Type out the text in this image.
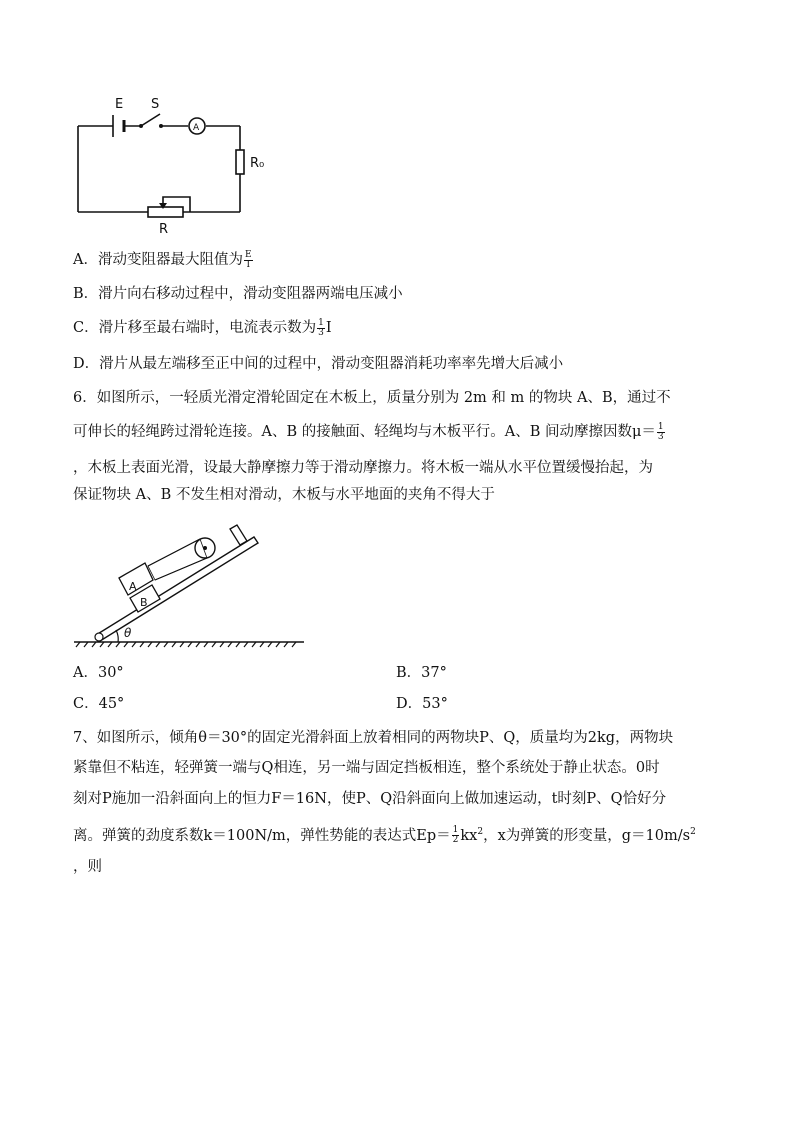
E S
A
R₀
R
A．滑动变阻器最大阻值为 $\frac{E}{I}$
B．滑片向右移动过程中，滑动变阻器两端电压减小
C．滑片移至最右端时，电流表示数为 $\frac{1}{3}$ I
D．滑片从最左端移至正中间的过程中，滑动变阻器消耗功率率先增大后减小
6．如图所示，一轻质光滑定滑轮固定在木板上，质量分别为 2m 和 m 的物块 A、B，通过不
可伸长的轻绳跨过滑轮连接。A、B 的接触面、轻绳均与木板平行。A、B 间动摩擦因数$\mu= \frac{1}{3}$
，木板上表面光滑，设最大静摩擦力等于滑动摩擦力。将木板一端从水平位置缓慢抬起，为
保证物块 A、B 不发生相对滑动，木板与水平地面的夹角不得大于
A
B
θ
A．30°	B．37°
C．45°	D．53°
7、如图所示，倾角θ＝30°的固定光滑斜面上放着相同的两物块P、Q，质量均为2kg，两物块
紧靠但不粘连，轻弹簧一端与Q相连，另一端与固定挡板相连，整个系统处于静止状态。0时
刻对P施加一沿斜面向上的恒力F＝16N，使P、Q沿斜面向上做加速运动，t时刻P、Q恰好分
离。弹簧的劲度系数k＝100N/m，弹性势能的表达式$Ep= \frac{1}{2} kx^2$，x为弹簧的形变量，$g=10m/s^2$
，则
